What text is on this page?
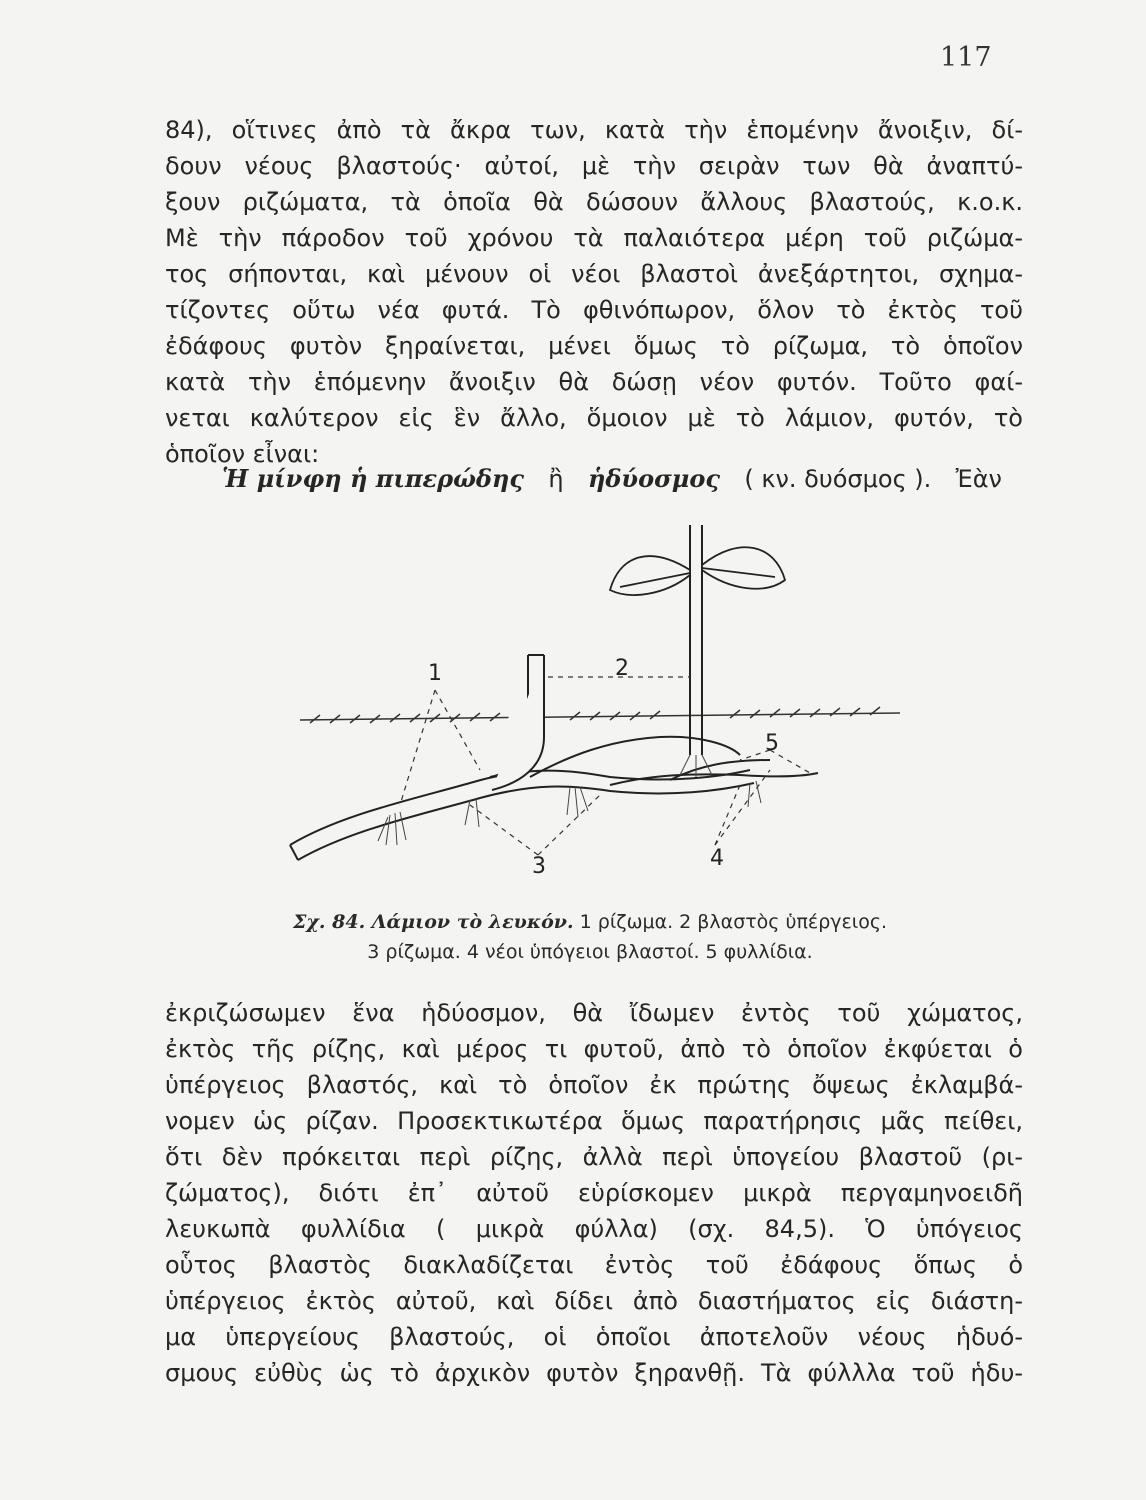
117
84), οἵτινες ἀπὸ τὰ ἄκρα των, κατὰ τὴν ἑπομένην ἄνοιξιν, δί-
δουν νέους βλαστούς· αὐτοί, μὲ τὴν σειρὰν των θὰ ἀναπτύ-
ξουν ριζώματα, τὰ ὁποῖα θὰ δώσουν ἄλλους βλαστούς, κ.ο.κ.
Μὲ τὴν πάροδον τοῦ χρόνου τὰ παλαιότερα μέρη τοῦ ριζώμα-
τος σήπονται, καὶ μένουν οἱ νέοι βλαστοὶ ἀνεξάρτητοι, σχημα-
τίζοντες οὕτω νέα φυτά. Τὸ φθινόπωρον, ὅλον τὸ ἐκτὸς τοῦ
ἐδάφους φυτὸν ξηραίνεται, μένει ὅμως τὸ ρίζωμα, τὸ ὁποῖον
κατὰ τὴν ἑπόμενην ἄνοιξιν θὰ δώσῃ νέον φυτόν. Τοῦτο φαί-
νεται καλύτερον εἰς ἓν ἄλλο, ὅμοιον μὲ τὸ λάμιον, φυτόν, τὸ
ὁποῖον εἶναι:
Ἡ μίνφη ἡ πιπερώδης ἢ ἡδύοσμος ( κν. δυόσμος ). Ἐὰν
1	2
3	4
5
Σχ. 84. Λάμιον τὸ λευκόν. 1 ρίζωμα. 2 βλαστὸς ὑπέργειος.
3 ρίζωμα. 4 νέοι ὑπόγειοι βλαστοί. 5 φυλλίδια.
ἐκριζώσωμεν ἕνα ἡδύοσμον, θὰ ἴδωμεν ἐντὸς τοῦ χώματος,
ἐκτὸς τῆς ρίζης, καὶ μέρος τι φυτοῦ, ἀπὸ τὸ ὁποῖον ἐκφύεται ὁ
ὑπέργειος βλαστός, καὶ τὸ ὁποῖον ἐκ πρώτης ὄψεως ἐκλαμβά-
νομεν ὡς ρίζαν. Προσεκτικωτέρα ὅμως παρατήρησις μᾶς πείθει,
ὅτι δὲν πρόκειται περὶ ρίζης, ἀλλὰ περὶ ὑπογείου βλαστοῦ (ρι-
ζώματος), διότι ἐπ᾽ αὐτοῦ εὑρίσκομεν μικρὰ περγαμηνοειδῆ
λευκωπὰ φυλλίδια ( μικρὰ φύλλα) (σχ. 84,5). Ὁ ὑπόγειος
οὗτος βλαστὸς διακλαδίζεται ἐντὸς τοῦ ἐδάφους ὅπως ὁ
ὑπέργειος ἐκτὸς αὐτοῦ, καὶ δίδει ἀπὸ διαστήματος εἰς διάστη-
μα ὑπεργείους βλαστούς, οἱ ὁποῖοι ἀποτελοῦν νέους ἡδυό-
σμους εὐθὺς ὡς τὸ ἀρχικὸν φυτὸν ξηρανθῇ. Τὰ φύλλλα τοῦ ἡδυ-
